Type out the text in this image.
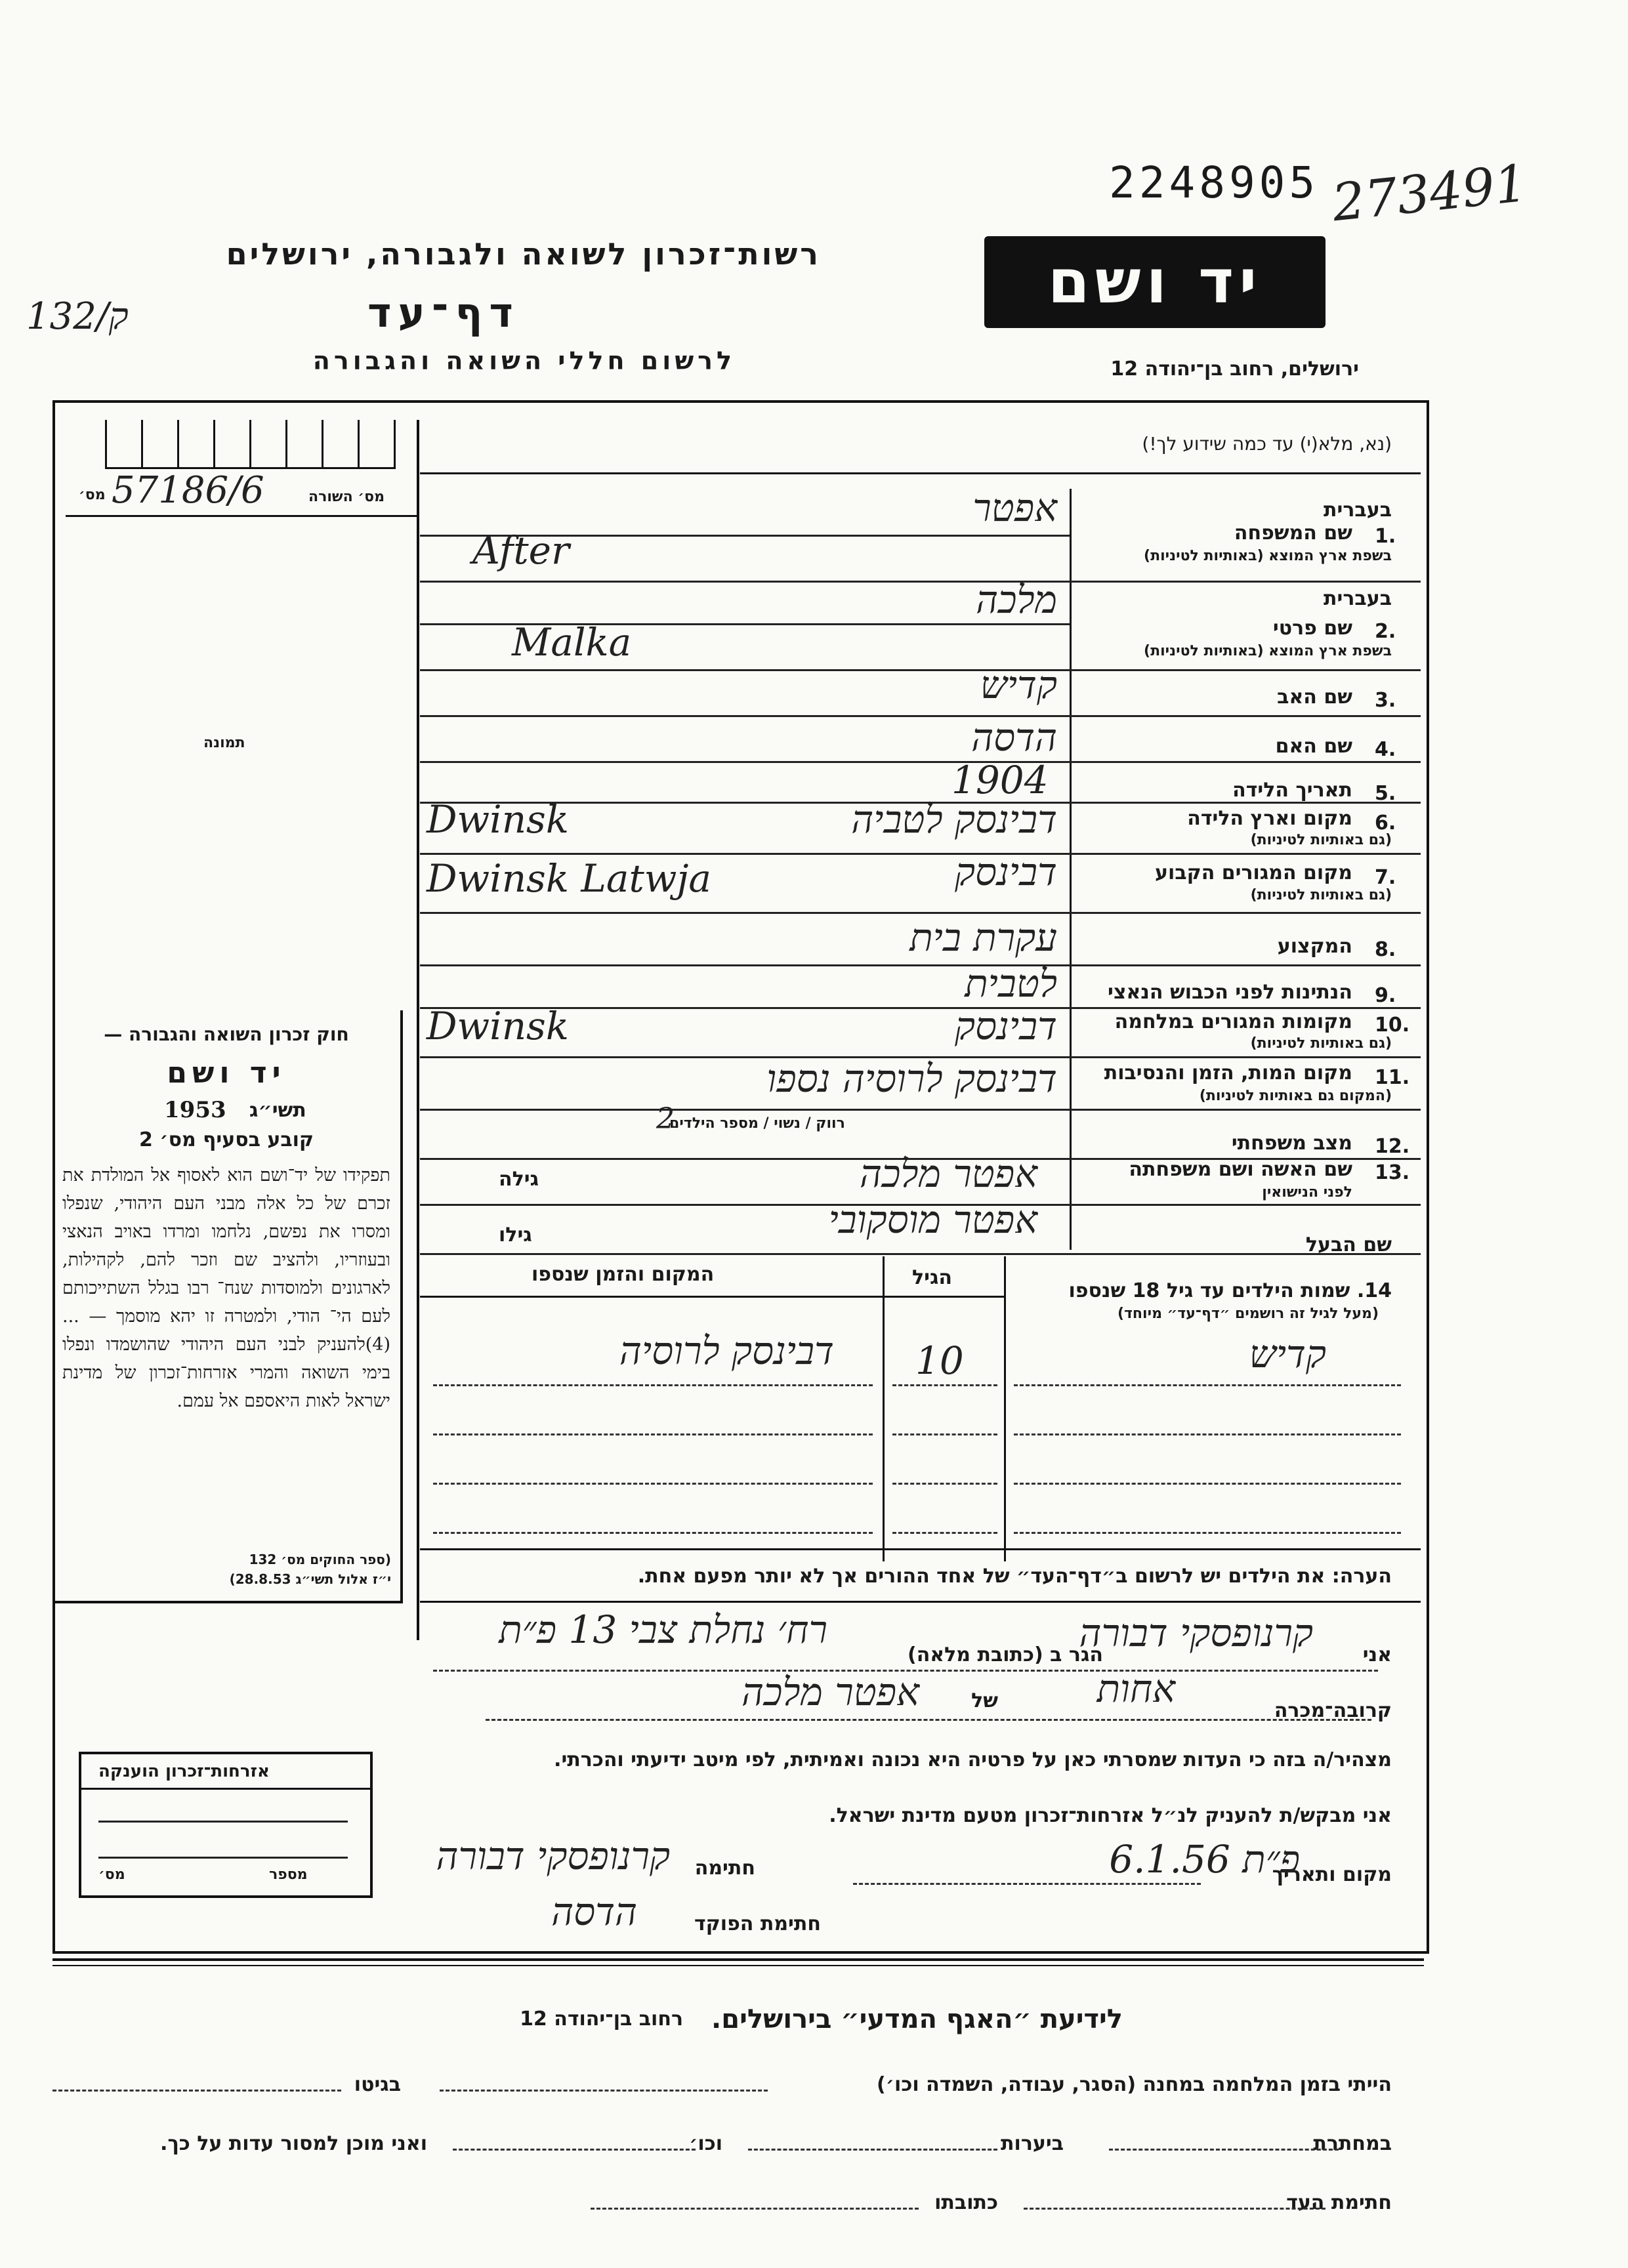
2248905 273491
132/ק
רשות־זכרון לשואה ולגבורה, ירושלים
דף־עד
לרשום חללי השואה והגבורה
יד ושם
ירושלים, רחוב בן־יהודה 12
מס׳ 57186/6	מס׳ השורה
תמונה
חוק זכרון השואה והגבורה —
יד ושם
תשי״ג
1953
קובע בסעיף מס׳ 2
תפקידו של יד־ושם הוא לאסוף אל המולדת את זכרם של כל אלה מבני העם היהודי, שנפלו ומסרו את נפשם, נלחמו ומרדו באויב הנאצי ובעוזריו, ולהציב שם וזכר להם, לקהילות, לארגונים ולמוסדות שנח־ רבו בגלל השתייכותם לעם הי־ הודי, ולמטרה זו יהא מוסמך — ...(4)להעניק לבני העם היהודי שהושמדו ונפלו בימי השואה והמרי אזרחות־זכרון של מדינת ישראל לאות היאספם אל עמם.
(ספר החוקים מס׳ 132
י״ז אלול תשי״ג 28.8.53)
(נא, מלא(י) עד כמה שידוע לך!)
בעברית
1.
שם המשפחה
בשפת ארץ המוצא (באותיות לטיניות)
אפטר
After
בעברית
2.
שם פרטי
בשפת ארץ המוצא (באותיות לטיניות)
מלכה
Malka
3.
שם האב
קדיש
4.
שם האם
הדסה
5.
תאריך הלידה
1904
6.
מקום וארץ הלידה
(גם באותיות לטיניות)
דבינסק לטביה
Dwinsk
7.
מקום המגורים הקבוע
(גם באותיות לטיניות)
דבינסק
Dwinsk Latwja
8.
המקצוע
עקרת בית
9.
הנתינות לפני הכבוש הנאצי
לטבית
10.
מקומות המגורים במלחמה
(גם באותיות לטיניות)
דבינסק
Dwinsk
11.
מקום המות, הזמן והנסיבות
(המקום גם באותיות לטיניות)
דבינסק לרוסיה נספו
רווק / נשוי / מספר הילדים
2
12.
מצב משפחתי
13.
שם האשה ושם משפחתה
לפני הנישואין
אפטר מלכה
גילה
שם הבעל
אפטר מוסקובי
גילו
14. שמות הילדים עד גיל 18 שנספו
(מעל לגיל זה רושמים ״דף־עד״ מיוחד)
הגיל
המקום והזמן שנספו
קדיש
10
דבינסק לרוסיה
הערה: את הילדים יש לרשום ב״דף־העד״ של אחד ההורים אך לא יותר מפעם אחת.
אני
קרנופסקי דבורה
הגר ב (כתובת מלאה)
רח׳ נחלת צבי 13 פ״ת
קרובה־מכרה
אחות
של
אפטר מלכה
מצהיר/ה בזה כי העדות שמסרתי כאן על פרטיה היא נכונה ואמיתית, לפי מיטב ידיעתי והכרתי.
אני מבקש/ת להעניק לנ״ל אזרחות־זכרון מטעם מדינת ישראל.
מקום ותאריך
פ״ת 6.1.56
חתימה
קרנופסקי דבורה
חתימת הפוקד
הדסה
אזרחות־זכרון הוענקה
מספר
מס׳
לידיעת ״האגף המדעי״ בירושלים.
רחוב בן־יהודה 12
הייתי בזמן המלחמה במחנה (הסגר, עבודה, השמדה וכו׳)
בגיטו
במחתרת
ביערות
וכו׳
ואני מוכן למסור עדות על כך.
חתימת העד
כתובתו
